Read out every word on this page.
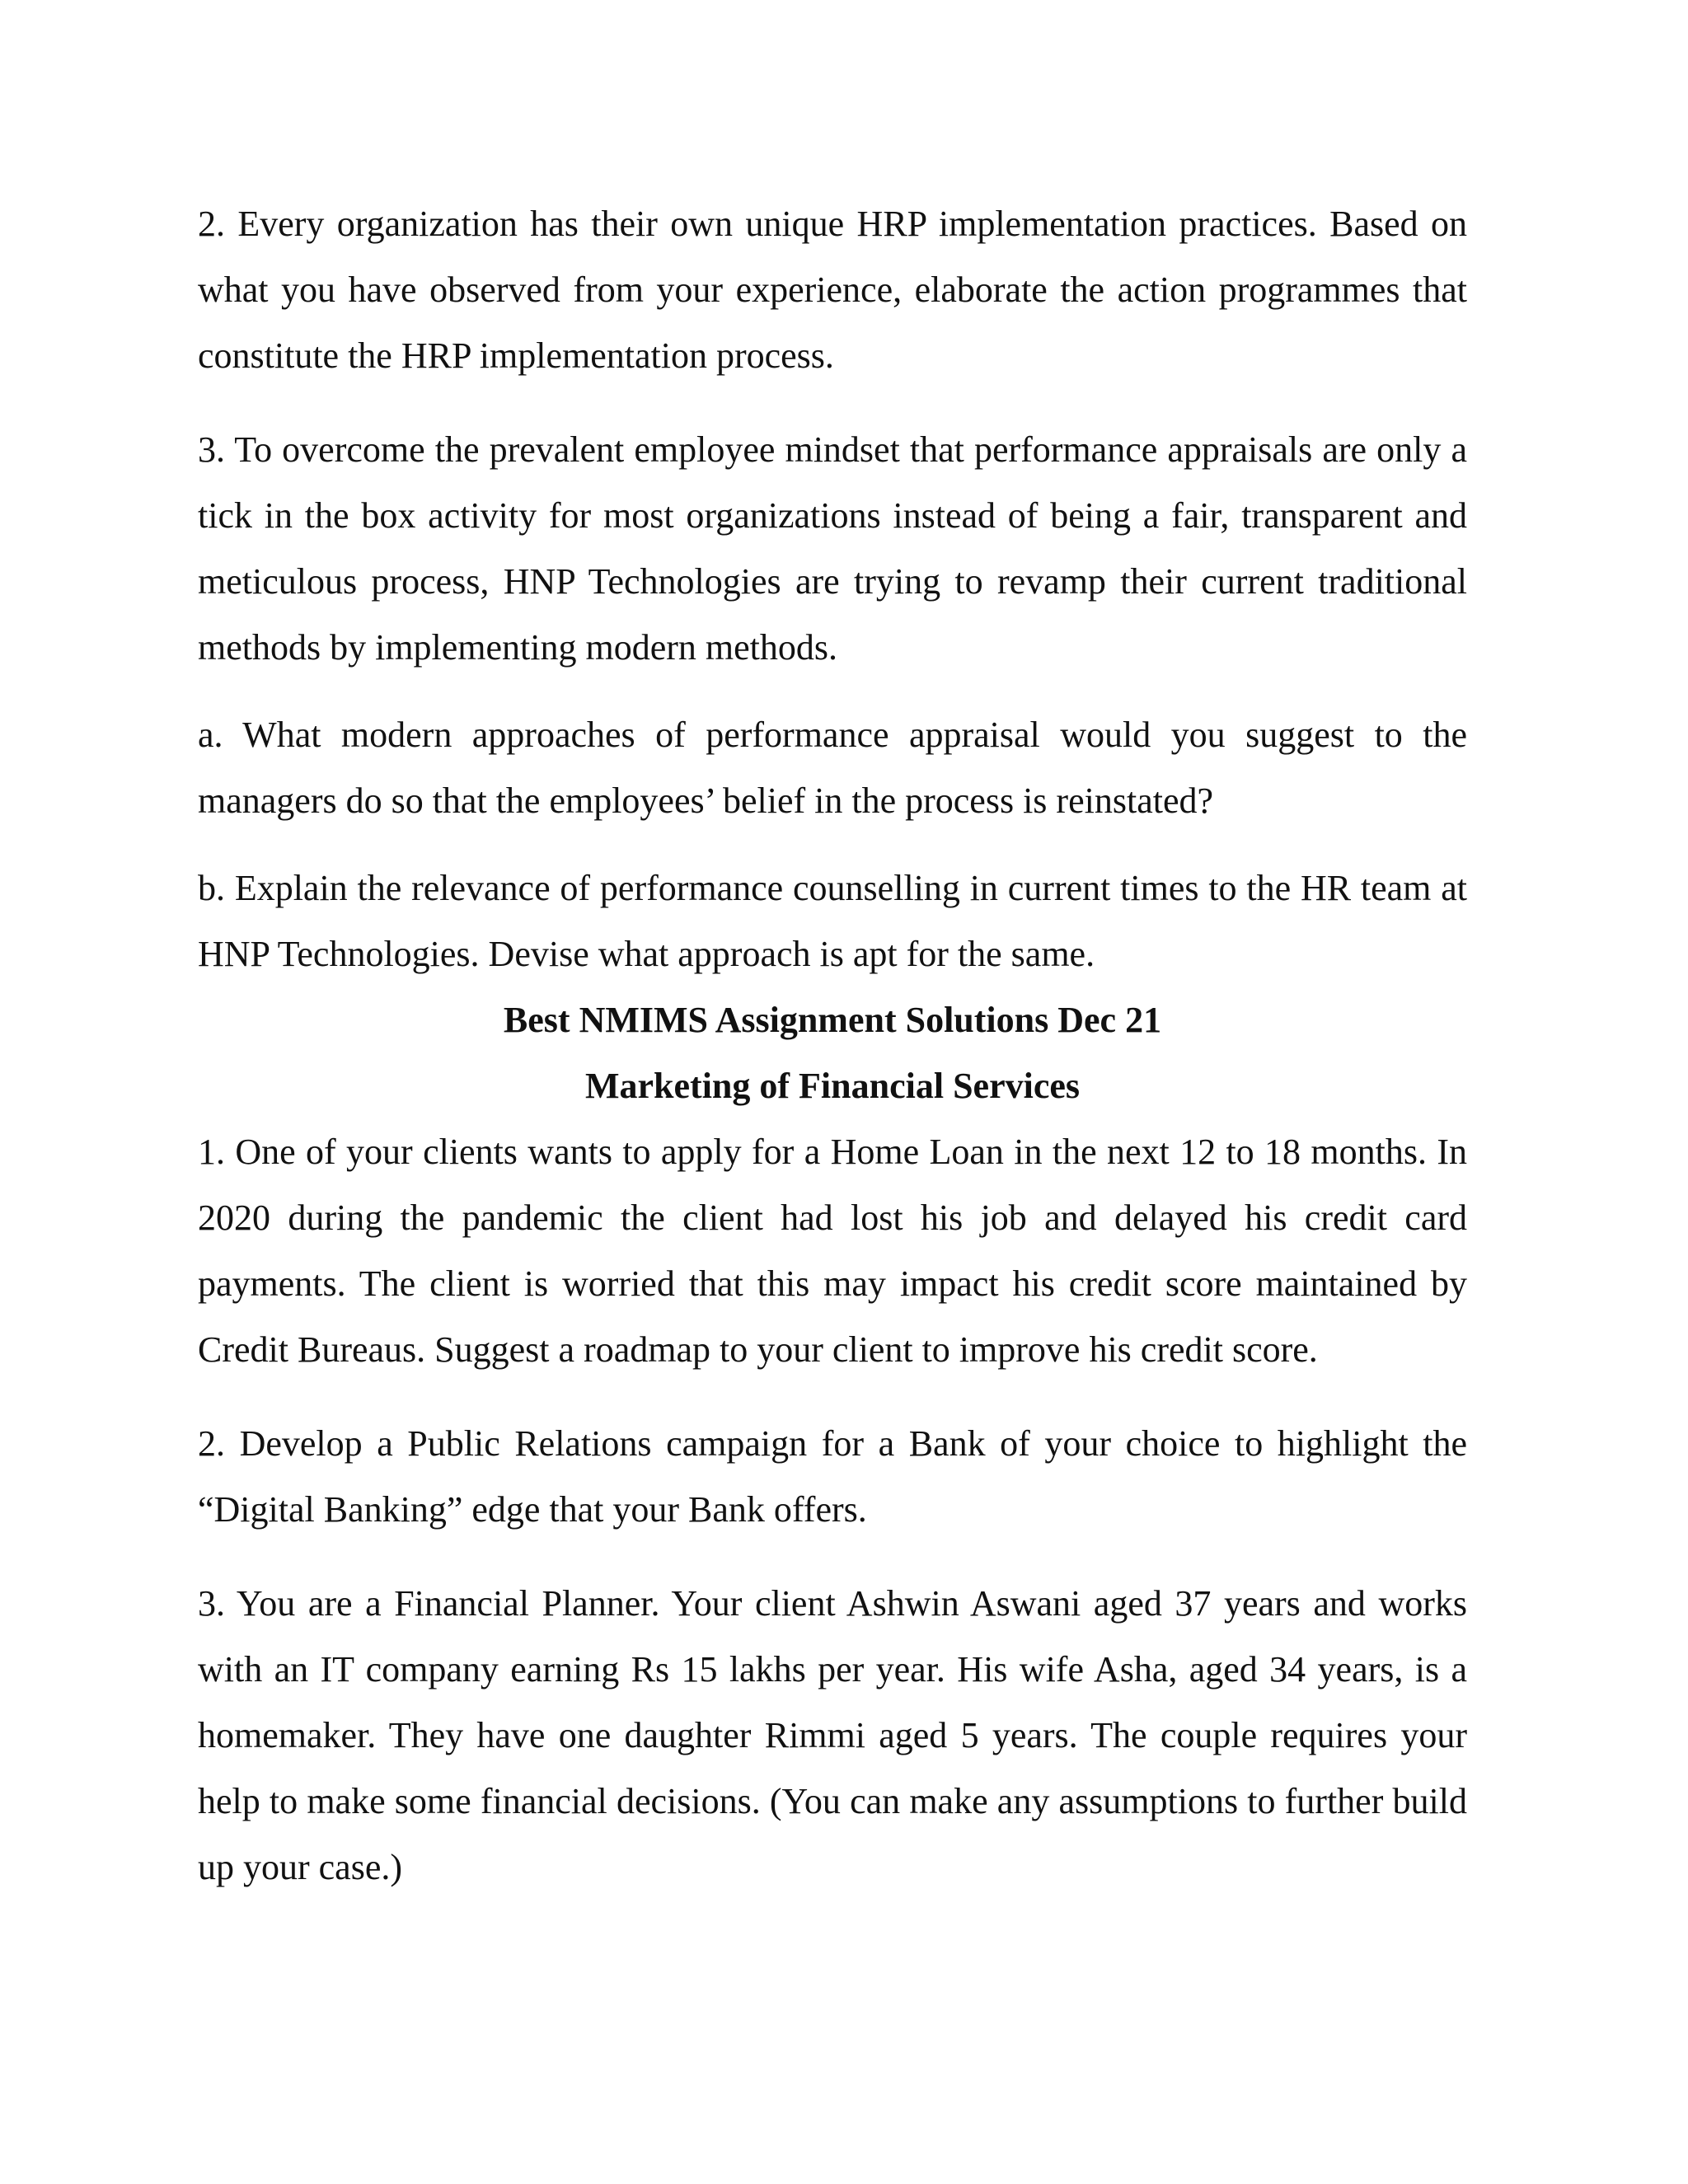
2. Every organization has their own unique HRP implementation practices. Based on what you have observed from your experience, elaborate the action programmes that constitute the HRP implementation process.

3. To overcome the prevalent employee mindset that performance appraisals are only a tick in the box activity for most organizations instead of being a fair, transparent and meticulous process, HNP Technologies are trying to revamp their current traditional methods by implementing modern methods.

a. What modern approaches of performance appraisal would you suggest to the managers do so that the employees’ belief in the process is reinstated?

b. Explain the relevance of performance counselling in current times to the HR team at HNP Technologies. Devise what approach is apt for the same.

Best NMIMS Assignment Solutions Dec 21

Marketing of Financial Services

1. One of your clients wants to apply for a Home Loan in the next 12 to 18 months. In 2020 during the pandemic the client had lost his job and delayed his credit card payments. The client is worried that this may impact his credit score maintained by Credit Bureaus. Suggest a roadmap to your client to improve his credit score.

2. Develop a Public Relations campaign for a Bank of your choice to highlight the “Digital Banking” edge that your Bank offers.

3. You are a Financial Planner. Your client Ashwin Aswani aged 37 years and works with an IT company earning Rs 15 lakhs per year. His wife Asha, aged 34 years, is a homemaker. They have one daughter Rimmi aged 5 years. The couple requires your help to make some financial decisions. (You can make any assumptions to further build up your case.)
